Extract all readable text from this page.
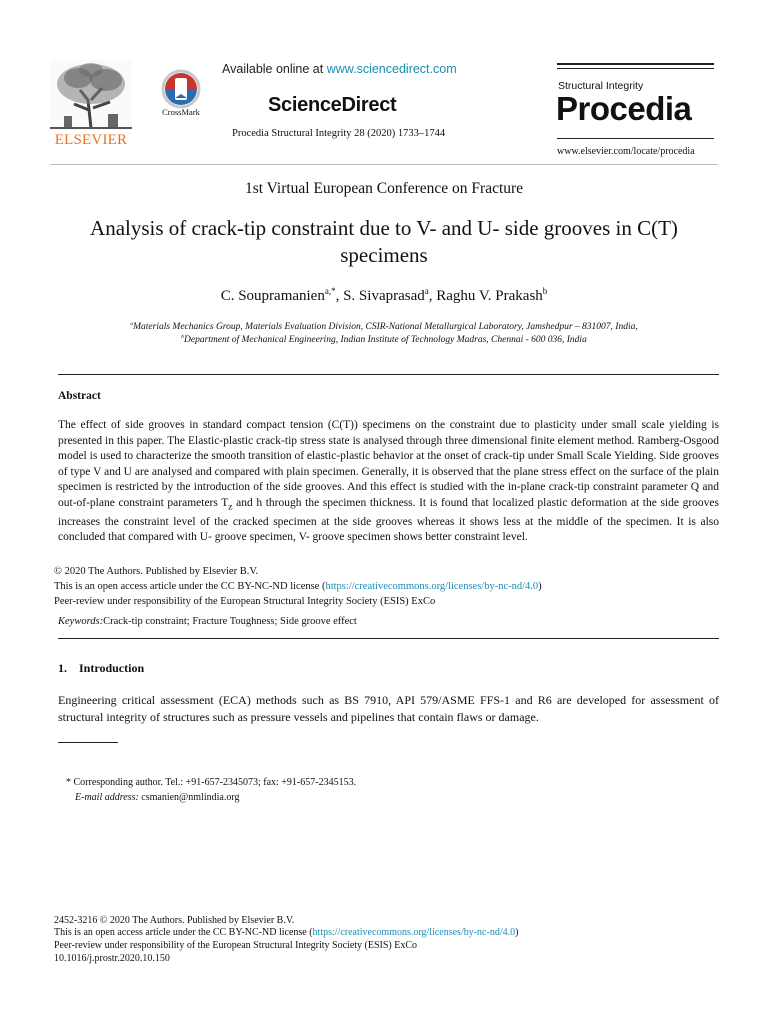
ELSEVIER
CrossMark
Available online at www.sciencedirect.com
ScienceDirect
Procedia Structural Integrity 28 (2020) 1733–1744
Structural Integrity
Procedia
www.elsevier.com/locate/procedia
1st Virtual European Conference on Fracture
Analysis of crack-tip constraint due to V- and U- side grooves in C(T) specimens
C. Soupramanien$^{a,*}$, S. Sivaprasad$^a$, Raghu V. Prakash$^b$
$^a$Materials Mechanics Group, Materials Evaluation Division, CSIR-National Metallurgical Laboratory, Jamshedpur – 831007, India,
$^b$Department of Mechanical Engineering, Indian Institute of Technology Madras, Chennai - 600 036, India
Abstract
The effect of side grooves in standard compact tension (C(T)) specimens on the constraint due to plasticity under small scale yielding is presented in this paper. The Elastic-plastic crack-tip stress state is analysed through three dimensional finite element method. Ramberg-Osgood model is used to characterize the smooth transition of elastic-plastic behavior at the onset of crack-tip under Small Scale Yielding. Side grooves of type V and U are analysed and compared with plain specimen. Generally, it is observed that the plane stress effect on the surface of the plain specimen is restricted by the introduction of the side grooves. And this effect is studied with the in-plane crack-tip constraint parameter Q and out-of-plane constraint parameters $T_z$ and h through the specimen thickness. It is found that localized plastic deformation at the side grooves increases the constraint level of the cracked specimen at the side grooves whereas it shows less at the middle of the specimen. It is also concluded that compared with U- groove specimen, V- groove specimen shows better constraint level.
© 2020 The Authors. Published by Elsevier B.V.
This is an open access article under the CC BY-NC-ND license (https://creativecommons.org/licenses/by-nc-nd/4.0)
Peer-review under responsibility of the European Structural Integrity Society (ESIS) ExCo
Keywords:Crack-tip constraint; Fracture Toughness; Side groove effect
1. Introduction
Engineering critical assessment (ECA) methods such as BS 7910, API 579/ASME FFS-1 and R6 are developed for assessment of structural integrity of structures such as pressure vessels and pipelines that contain flaws or damage.
* Corresponding author. Tel.: +91-657-2345073; fax: +91-657-2345153.
E-mail address: csmanien@nmlindia.org
2452-3216 © 2020 The Authors. Published by Elsevier B.V.
This is an open access article under the CC BY-NC-ND license (https://creativecommons.org/licenses/by-nc-nd/4.0)
Peer-review under responsibility of the European Structural Integrity Society (ESIS) ExCo
10.1016/j.prostr.2020.10.150
